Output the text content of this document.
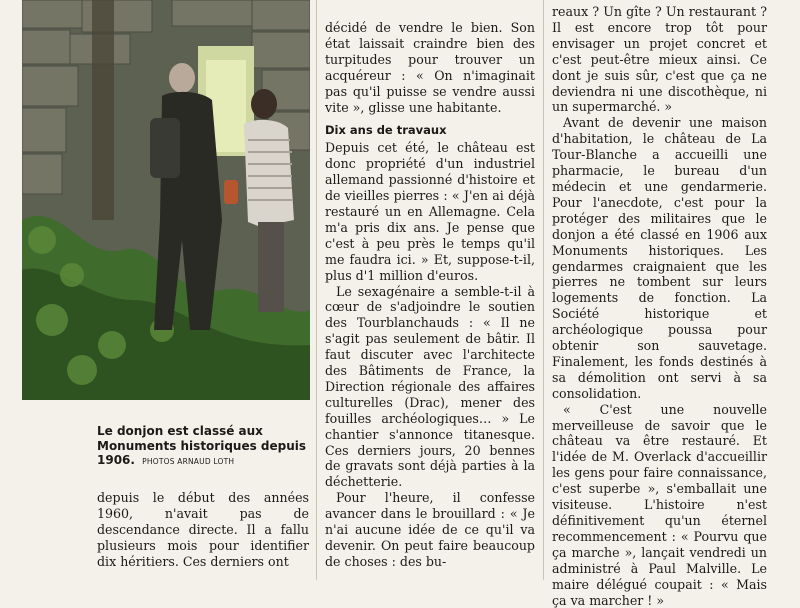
Le donjon est classé aux Monuments historiques depuis 1906. PHOTOS ARNAUD LOTH

depuis le début des années 1960, n'avait pas de descendance directe. Il a fallu plusieurs mois pour identifier dix héritiers. Ces derniers ont

décidé de vendre le bien. Son état laissait craindre bien des turpitudes pour trouver un acquéreur : « On n'imaginait pas qu'il puisse se vendre aussi vite », glisse une habitante.

Dix ans de travaux

Depuis cet été, le château est donc propriété d'un industriel allemand passionné d'histoire et de vieilles pierres : « J'en ai déjà restauré un en Allemagne. Cela m'a pris dix ans. Je pense que c'est à peu près le temps qu'il me faudra ici. » Et, suppose-t-il, plus d'1 million d'euros.

Le sexagénaire a semble-t-il à cœur de s'adjoindre le soutien des Tourblanchauds : « Il ne s'agit pas seulement de bâtir. Il faut discuter avec l'architecte des Bâtiments de France, la Direction régionale des affaires culturelles (Drac), mener des fouilles archéologiques… » Le chantier s'annonce titanesque. Ces derniers jours, 20 bennes de gravats sont déjà parties à la déchetterie.

Pour l'heure, il confesse avancer dans le brouillard : « Je n'ai aucune idée de ce qu'il va devenir. On peut faire beaucoup de choses : des bu-

reaux ? Un gîte ? Un restaurant ? Il est encore trop tôt pour envisager un projet concret et c'est peut-être mieux ainsi. Ce dont je suis sûr, c'est que ça ne deviendra ni une discothèque, ni un supermarché. »

Avant de devenir une maison d'habitation, le château de La Tour-Blanche a accueilli une pharmacie, le bureau d'un médecin et une gendarmerie. Pour l'anecdote, c'est pour la protéger des militaires que le donjon a été classé en 1906 aux Monuments historiques. Les gendarmes craignaient que les pierres ne tombent sur leurs logements de fonction. La Société historique et archéologique poussa pour obtenir son sauvetage. Finalement, les fonds destinés à sa démolition ont servi à sa consolidation.

« C'est une nouvelle merveilleuse de savoir que le château va être restauré. Et l'idée de M. Overlack d'accueillir les gens pour faire connaissance, c'est superbe », s'emballait une visiteuse. L'histoire n'est définitivement qu'un éternel recommencement : « Pourvu que ça marche », lançait vendredi un administré à Paul Malville. Le maire délégué coupait : « Mais ça va marcher ! »
